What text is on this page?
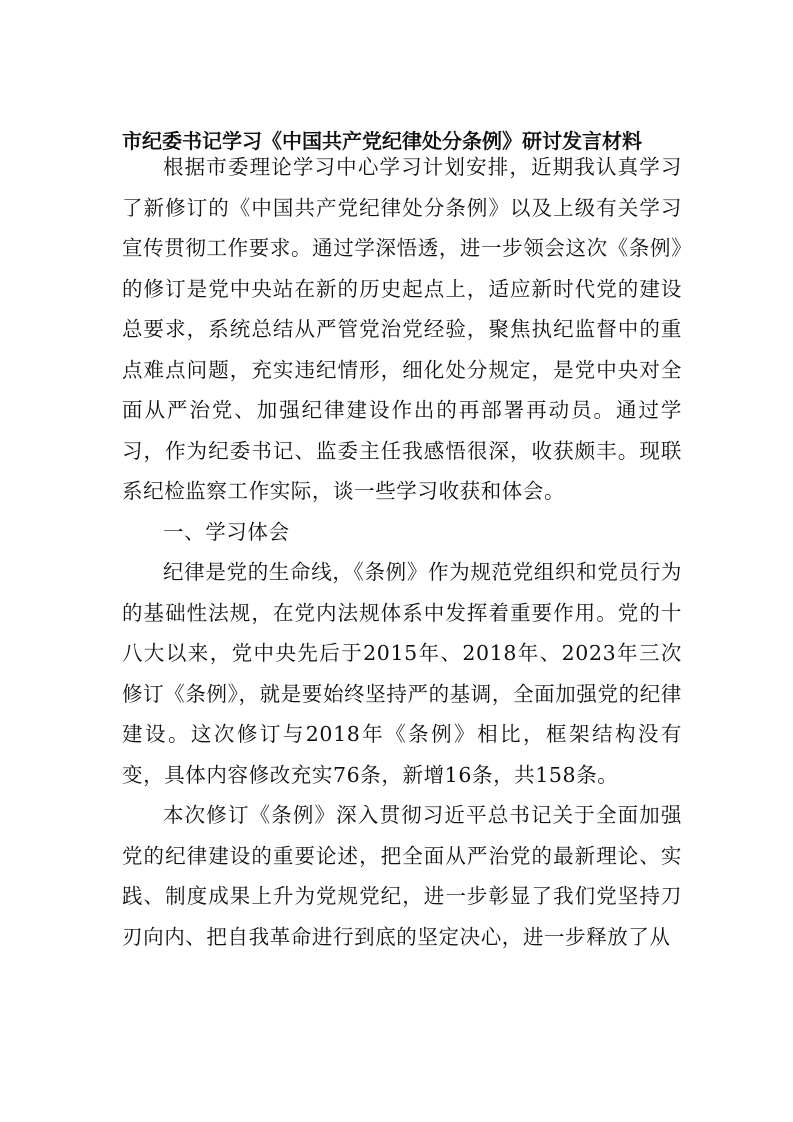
市纪委书记学习《中国共产党纪律处分条例》研讨发言材料

根据市委理论学习中心学习计划安排，近期我认真学习了新修订的《中国共产党纪律处分条例》以及上级有关学习宣传贯彻工作要求。通过学深悟透，进一步领会这次《条例》的修订是党中央站在新的历史起点上，适应新时代党的建设总要求，系统总结从严管党治党经验，聚焦执纪监督中的重点难点问题，充实违纪情形，细化处分规定，是党中央对全面从严治党、加强纪律建设作出的再部署再动员。通过学习，作为纪委书记、监委主任我感悟很深，收获颇丰。现联系纪检监察工作实际，谈一些学习收获和体会。

一、学习体会

纪律是党的生命线，《条例》作为规范党组织和党员行为的基础性法规，在党内法规体系中发挥着重要作用。党的十八大以来，党中央先后于2015年、2018年、2023年三次修订《条例》，就是要始终坚持严的基调，全面加强党的纪律建设。这次修订与2018年《条例》相比，框架结构没有变，具体内容修改充实76条，新增16条，共158条。

本次修订《条例》深入贯彻习近平总书记关于全面加强党的纪律建设的重要论述，把全面从严治党的最新理论、实践、制度成果上升为党规党纪，进一步彰显了我们党坚持刀刃向内、把自我革命进行到底的坚定决心，进一步释放了从
